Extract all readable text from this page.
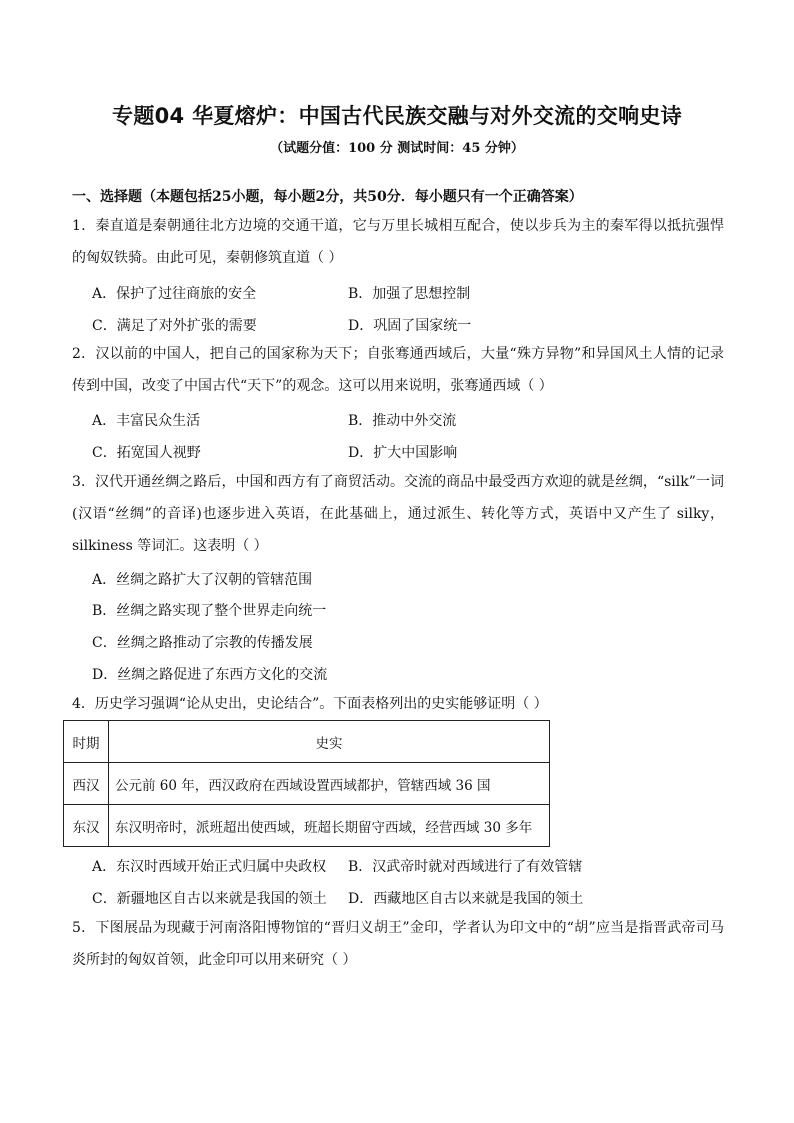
专题04 华夏熔炉：中国古代民族交融与对外交流的交响史诗
（试题分值：100 分 测试时间：45 分钟）
一、选择题（本题包括25小题，每小题2分，共50分．每小题只有一个正确答案）
1．秦直道是秦朝通往北方边境的交通干道，它与万里长城相互配合，使以步兵为主的秦军得以抵抗强悍的匈奴铁骑。由此可见，秦朝修筑直道（ ）
A．保护了过往商旅的安全	B．加强了思想控制
C．满足了对外扩张的需要	D．巩固了国家统一
2．汉以前的中国人，把自己的国家称为天下；自张骞通西域后，大量“殊方异物”和异国风土人情的记录传到中国，改变了中国古代“天下”的观念。这可以用来说明，张骞通西域（ ）
A．丰富民众生活	B．推动中外交流
C．拓宽国人视野	D．扩大中国影响
3．汉代开通丝绸之路后，中国和西方有了商贸活动。交流的商品中最受西方欢迎的就是丝绸，“silk”一词(汉语“丝绸”的音译)也逐步进入英语，在此基础上，通过派生、转化等方式，英语中又产生了 silky，silkiness 等词汇。这表明（ ）
A．丝绸之路扩大了汉朝的管辖范围
B．丝绸之路实现了整个世界走向统一
C．丝绸之路推动了宗教的传播发展
D．丝绸之路促进了东西方文化的交流
4．历史学习强调“论从史出，史论结合”。下面表格列出的史实能够证明（ ）
时期	史实
西汉	公元前 60 年，西汉政府在西域设置西域都护，管辖西域 36 国
东汉	东汉明帝时，派班超出使西域，班超长期留守西域，经营西域 30 多年
A．东汉时西域开始正式归属中央政权 B．汉武帝时就对西域进行了有效管辖
C．新疆地区自古以来就是我国的领土 D．西藏地区自古以来就是我国的领土
5．下图展品为现藏于河南洛阳博物馆的“晋归义胡王”金印，学者认为印文中的“胡”应当是指晋武帝司马炎所封的匈奴首领，此金印可以用来研究（ ）
